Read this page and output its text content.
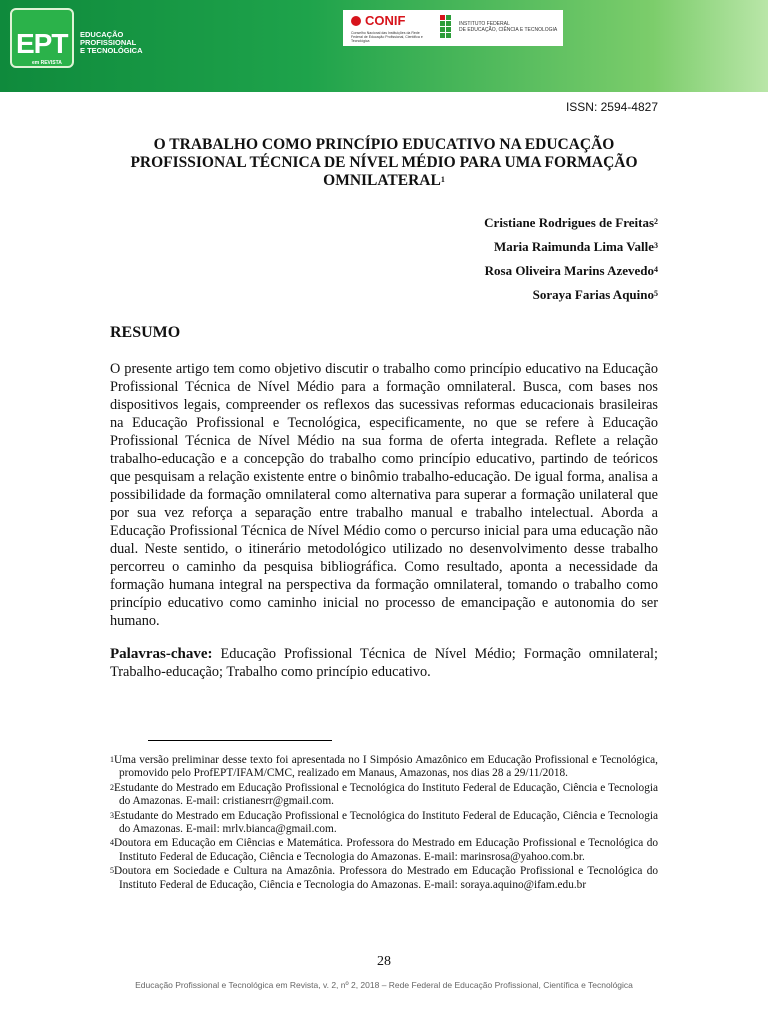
EPT
em REVISTA
EDUCAÇÃO
PROFISSIONAL
E TECNOLÓGICA
CONIF
Conselho Nacional das Instituições da Rede Federal de Educação Profissional, Científica e Tecnológica
INSTITUTO FEDERAL
DE EDUCAÇÃO, CIÊNCIA E TECNOLOGIA
ISSN: 2594-4827
O TRABALHO COMO PRINCÍPIO EDUCATIVO NA EDUCAÇÃO PROFISSIONAL TÉCNICA DE NÍVEL MÉDIO PARA UMA FORMAÇÃO OMNILATERAL$^1$
Cristiane Rodrigues de Freitas$^2$
Maria Raimunda Lima Valle$^3$
Rosa Oliveira Marins Azevedo$^4$
Soraya Farias Aquino$^5$
RESUMO
O presente artigo tem como objetivo discutir o trabalho como princípio educativo na Educação Profissional Técnica de Nível Médio para a formação omnilateral. Busca, com bases nos dispositivos legais, compreender os reflexos das sucessivas reformas educacionais brasileiras na Educação Profissional e Tecnológica, especificamente, no que se refere à Educação Profissional Técnica de Nível Médio na sua forma de oferta integrada. Reflete a relação trabalho-educação e a concepção do trabalho como princípio educativo, partindo de teóricos que pesquisam a relação existente entre o binômio trabalho-educação. De igual forma, analisa a possibilidade da formação omnilateral como alternativa para superar a formação unilateral que por sua vez reforça a separação entre trabalho manual e trabalho intelectual. Aborda a Educação Profissional Técnica de Nível Médio como o percurso inicial para uma educação não dual. Neste sentido, o itinerário metodológico utilizado no desenvolvimento desse trabalho percorreu o caminho da pesquisa bibliográfica. Como resultado, aponta a necessidade da formação humana integral na perspectiva da formação omnilateral, tomando o trabalho como princípio educativo como caminho inicial no processo de emancipação e autonomia do ser humano.
Palavras-chave: Educação Profissional Técnica de Nível Médio; Formação omnilateral; Trabalho-educação; Trabalho como princípio educativo.
$^1$Uma versão preliminar desse texto foi apresentada no I Simpósio Amazônico em Educação Profissional e Tecnológica, promovido pelo ProfEPT/IFAM/CMC, realizado em Manaus, Amazonas, nos dias 28 a 29/11/2018.
$^2$Estudante do Mestrado em Educação Profissional e Tecnológica do Instituto Federal de Educação, Ciência e Tecnologia do Amazonas. E-mail: cristianesrr@gmail.com.
$^3$Estudante do Mestrado em Educação Profissional e Tecnológica do Instituto Federal de Educação, Ciência e Tecnologia do Amazonas. E-mail: mrlv.bianca@gmail.com.
$^4$Doutora em Educação em Ciências e Matemática. Professora do Mestrado em Educação Profissional e Tecnológica do Instituto Federal de Educação, Ciência e Tecnologia do Amazonas. E-mail: marinsrosa@yahoo.com.br.
$^5$Doutora em Sociedade e Cultura na Amazônia. Professora do Mestrado em Educação Profissional e Tecnológica do Instituto Federal de Educação, Ciência e Tecnologia do Amazonas. E-mail: soraya.aquino@ifam.edu.br
28
Educação Profissional e Tecnológica em Revista, v. 2, nº 2, 2018 – Rede Federal de Educação Profissional, Científica e Tecnológica
